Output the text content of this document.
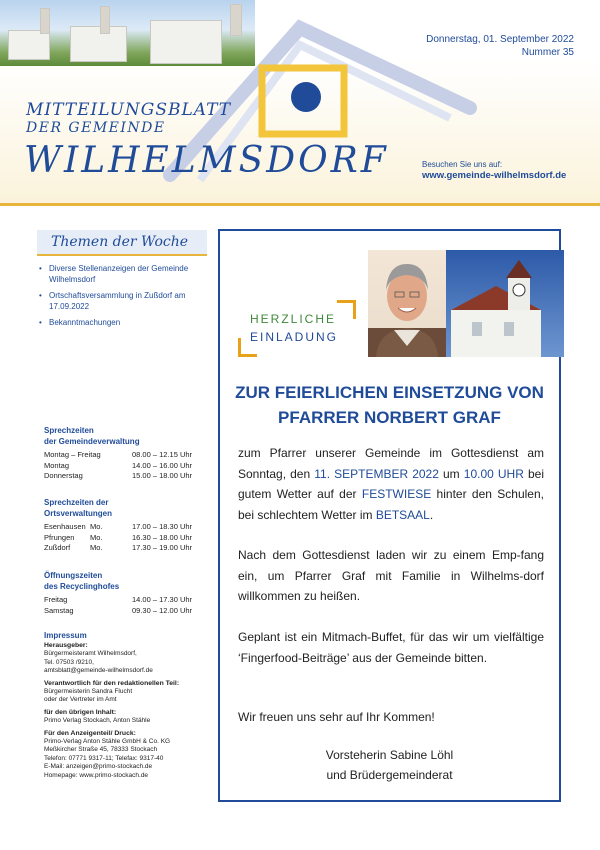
Donnerstag, 01. September 2022
Nummer 35
MITTEILUNGSBLATT
DER GEMEINDE
WILHELMSDORF	Besuchen Sie uns auf:
www.gemeinde-wilhelmsdorf.de
Themen der Woche
• Diverse Stellenanzeigen der Gemeinde Wilhelmsdorf
• Ortschaftsversammlung in Zußdorf am 17.09.2022
• Bekanntmachungen
Sprechzeiten
der Gemeindeverwaltung
Montag – Freitag	08.00 – 12.15 Uhr
Montag	14.00 – 16.00 Uhr
Donnerstag	15.00 – 18.00 Uhr
Sprechzeiten der
Ortsverwaltungen
Esenhausen Mo.	17.00 – 18.30 Uhr
Pfrungen	Mo.	16.30 – 18.00 Uhr
Zußdorf	Mo.	17.30 – 19.00 Uhr
Öffnungszeiten
des Recyclinghofes
Freitag	14.00 – 17.30 Uhr
Samstag	09.30 – 12.00 Uhr
Impressum
Herausgeber:
Bürgermeisteramt Wilhelmsdorf,
Tel. 07503 /9210,
amtsblatt@gemeinde-wilhelmsdorf.de
Verantwortlich für den redaktionellen Teil:
Bürgermeisterin Sandra Flucht
oder der Vertreter im Amt
für den übrigen Inhalt:
Primo Verlag Stockach, Anton Stähle
Für den Anzeigenteil/ Druck:
Primo-Verlag Anton Stähle GmbH & Co. KG
Meßkircher Straße 45, 78333 Stockach
Telefon: 07771 9317-11; Telefax: 9317-40
E-Mail: anzeigen@primo-stockach.de
Homepage: www.primo-stockach.de
HERZLICHE
EINLADUNG
ZUR FEIERLICHEN EINSETZUNG VON
PFARRER NORBERT GRAF
zum Pfarrer unserer Gemeinde im Gottesdienst am Sonntag, den 11. SEPTEMBER 2022 um 10.00 UHR bei gutem Wetter auf der FESTWIESE hinter den Schulen, bei schlechtem Wetter im BETSAAL.
Nach dem Gottesdienst laden wir zu einem Emp-fang ein, um Pfarrer Graf mit Familie in Wilhelms-dorf willkommen zu heißen.
Geplant ist ein Mitmach-Buffet, für das wir um vielfältige ‘Fingerfood-Beiträge’ aus der Gemeinde bitten.
Wir freuen uns sehr auf Ihr Kommen!
Vorsteherin Sabine Löhl
und Brüdergemeinderat
